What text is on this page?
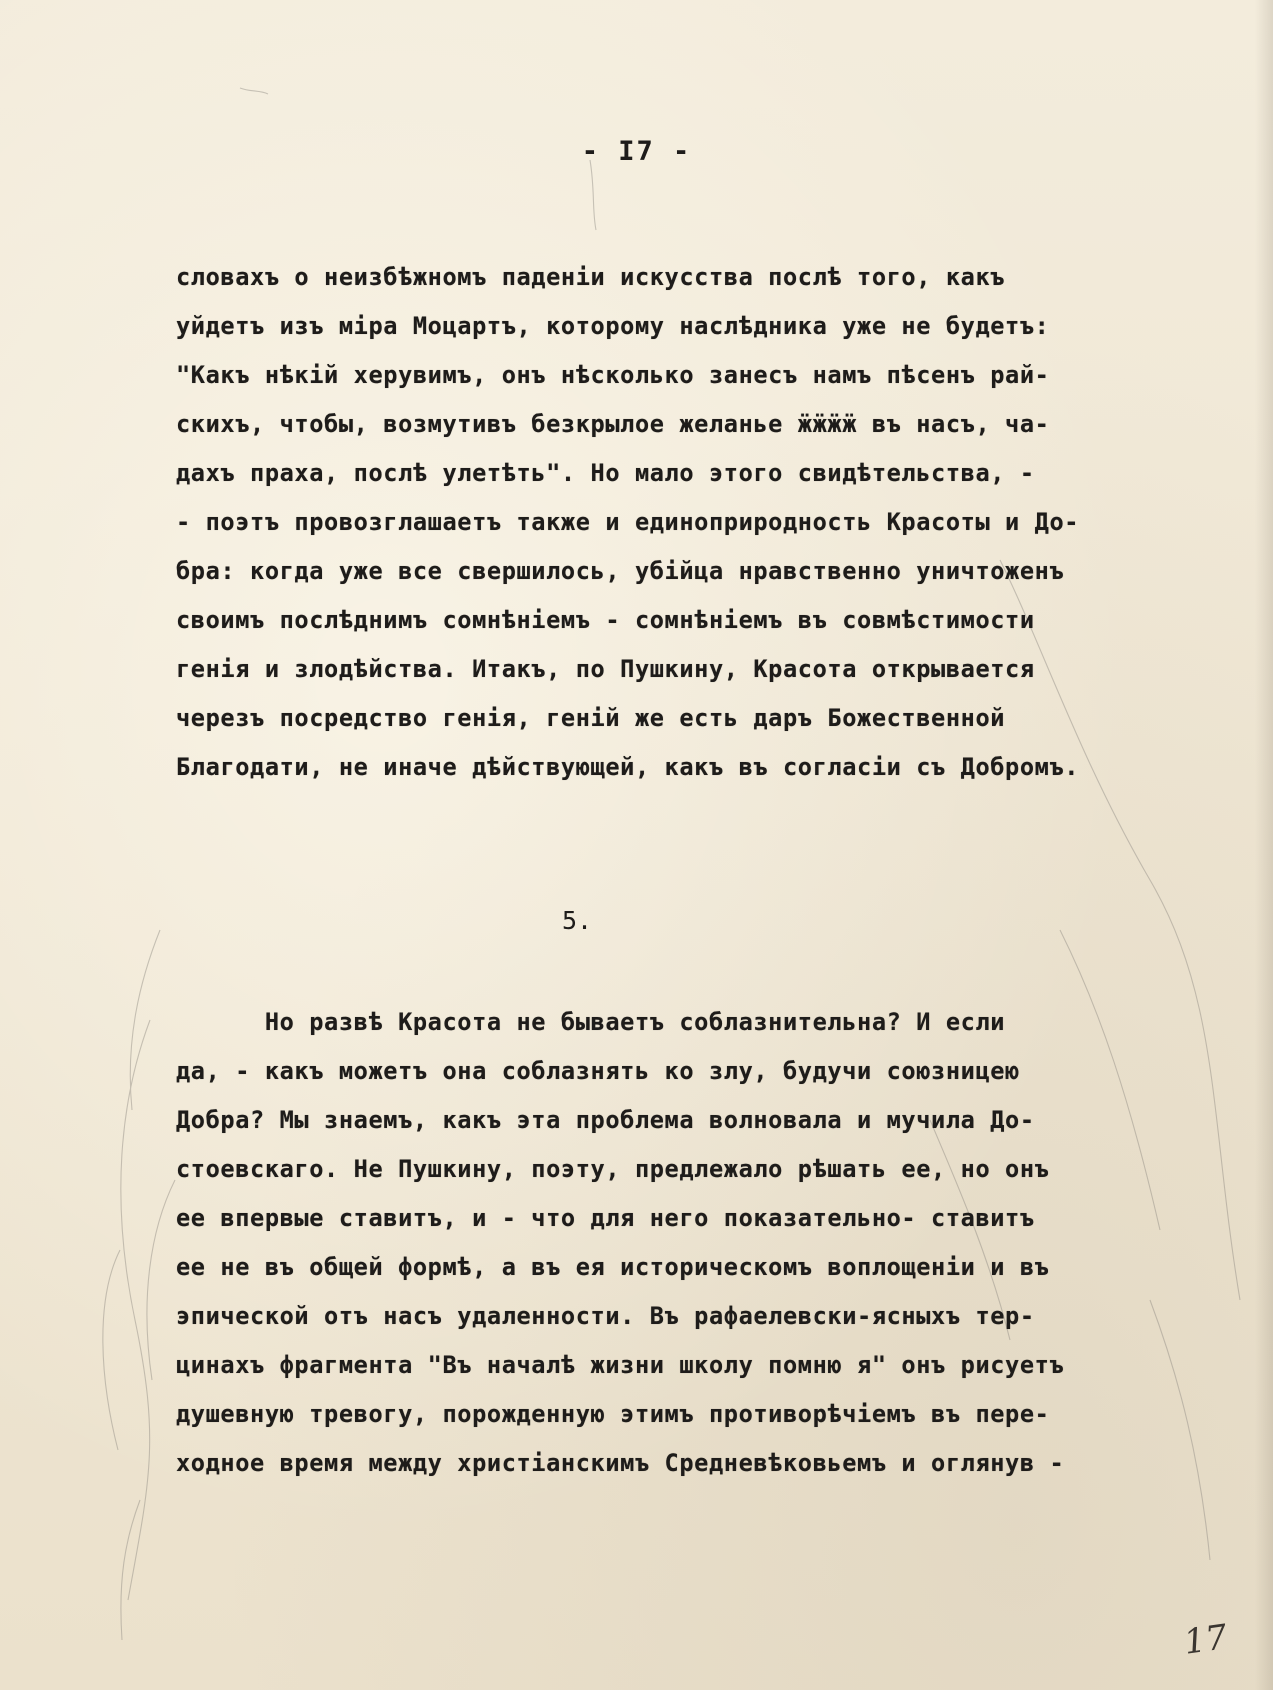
- I7 -
словахъ о неизбѣжномъ паденіи искусства послѣ того, какъ
уйдетъ изъ міра Моцартъ, которому наслѣдника уже не будетъ:
"Какъ нѣкій херувимъ, онъ нѣсколько занесъ намъ пѣсенъ рай-
скихъ, чтобы, возмутивъ безкрылое желанье ӝӝӝӝ въ насъ, ча-
дахъ праха, послѣ улетѣть". Но мало этого свидѣтельства, -
- поэтъ провозглашаетъ также и единоприродность Красоты и До-
бра: когда уже все свершилось, убійца нравственно уничтоженъ
своимъ послѣднимъ сомнѣніемъ - сомнѣніемъ въ совмѣстимости
генія и злодѣйства. Итакъ, по Пушкину, Красота открывается
черезъ посредство генія, геній же есть даръ Божественной
Благодати, не иначе дѣйствующей, какъ въ согласіи съ Добромъ.
5.
Но развѣ Красота не бываетъ соблазнительна? И если
да, - какъ можетъ она соблазнять ко злу, будучи союзницею
Добра? Мы знаемъ, какъ эта проблема волновала и мучила До-
стоевскаго. Не Пушкину, поэту, предлежало рѣшать ее, но онъ
ее впервые ставитъ, и - что для него показательно- ставитъ
ее не въ общей формѣ, а въ ея историческомъ воплощеніи и въ
эпической отъ насъ удаленности. Въ рафаелевски-ясныхъ тер-
цинахъ фрагмента "Въ началѣ жизни школу помню я" онъ рисуетъ
душевную тревогу, порожденную этимъ противорѣчіемъ въ пере-
ходное время между христіанскимъ Средневѣковьемъ и оглянув -
17
